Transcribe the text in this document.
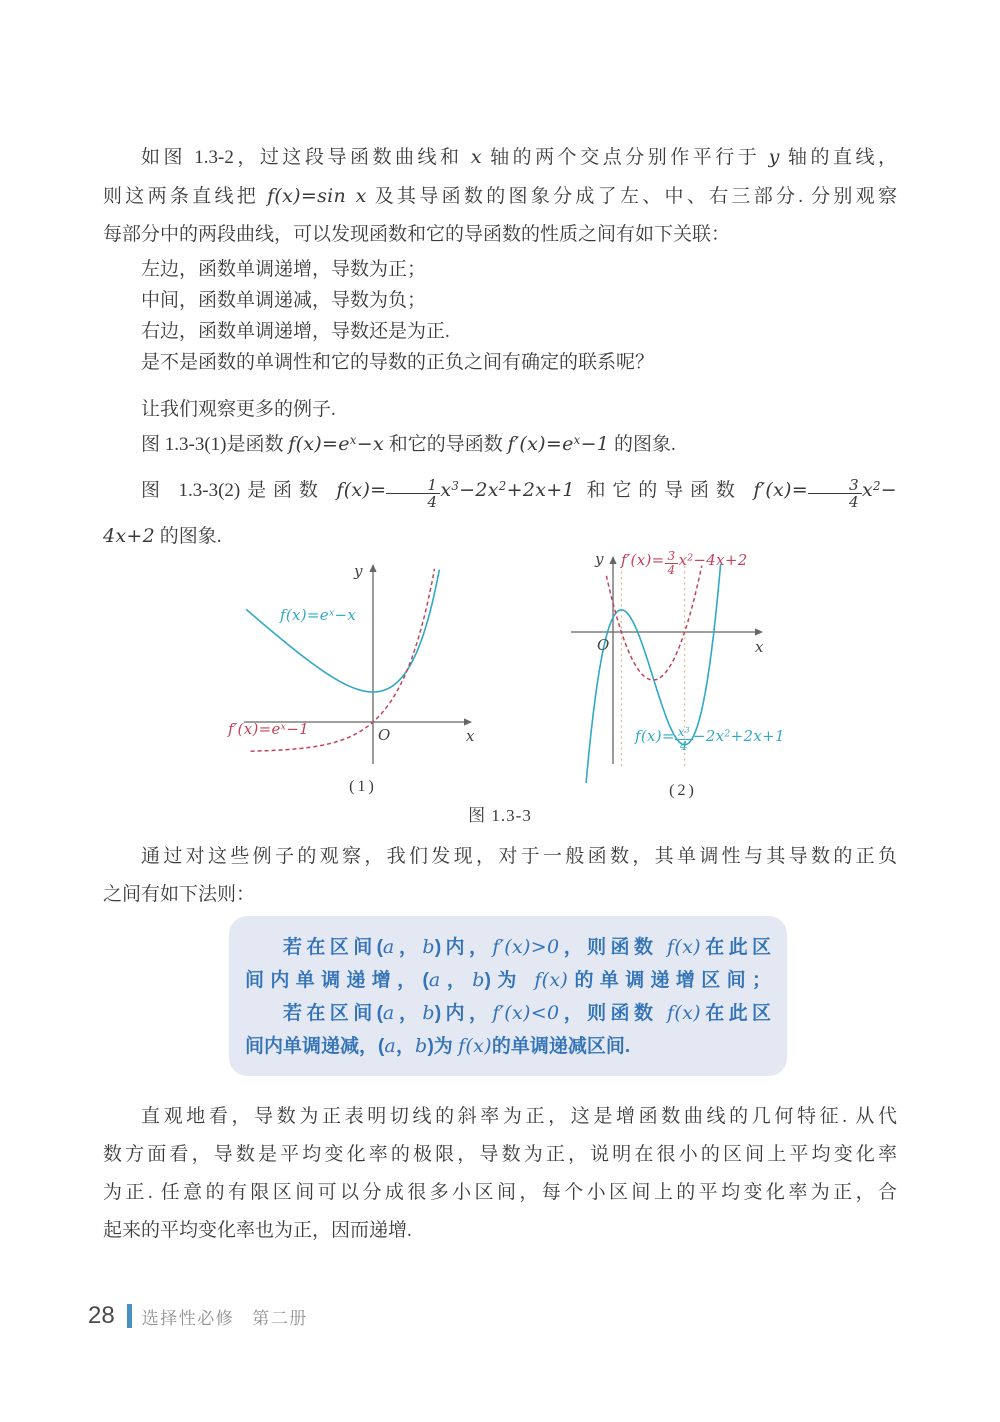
如图 1.3-2，过这段导函数曲线和 x 轴的两个交点分别作平行于 y 轴的直线，
则这两条直线把 f(x)=sin x 及其导函数的图象分成了左、中、右三部分. 分别观察
每部分中的两段曲线，可以发现函数和它的导函数的性质之间有如下关联：
左边，函数单调递增，导数为正；
中间，函数单调递减，导数为负；
右边，函数单调递增，导数还是为正.
是不是函数的单调性和它的导数的正负之间有确定的联系呢？
让我们观察更多的例子.
图 1.3-3(1)是函数 $f(x)=e^x-x$ 和它的导函数 $f'(x)=e^x-1$ 的图象.
图 1.3-3(2)是函数 $f(x)= \frac{1}{4} x^3-2x^2+2x+1$ 和它的导函数 $f'(x)= \frac{3}{4} x^2-$
4x+2 的图象.
y
x
O
$f(x)=e^x-x$
$f'(x)=e^x-1$
y
x
O
$f'(x)= \frac{3}{4} x^2-4x+2$
$f(x)= \frac{x^3}{4} -2x^2+2x+1$
(1)	(2)
图 1.3-3
通过对这些例子的观察，我们发现，对于一般函数，其单调性与其导数的正负
之间有如下法则：
若在区间(a，b)内，f′(x)>0，则函数 f(x)在此区
间内单调递增，(a，b)为 f(x)的单调递增区间；
若在区间(a，b)内，f′(x)<0，则函数 f(x)在此区
间内单调递减，(a，b)为 f(x)的单调递减区间.
直观地看，导数为正表明切线的斜率为正，这是增函数曲线的几何特征. 从代
数方面看，导数是平均变化率的极限，导数为正，说明在很小的区间上平均变化率
为正. 任意的有限区间可以分成很多小区间，每个小区间上的平均变化率为正，合
起来的平均变化率也为正，因而递增.
28 选择性必修 第二册
